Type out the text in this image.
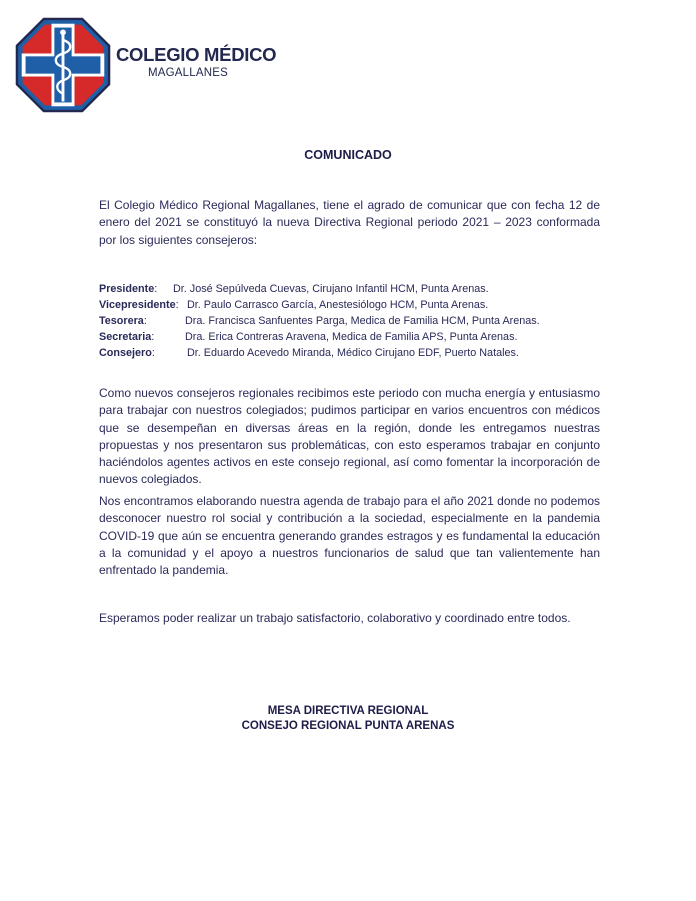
COLEGIO MÉDICO
MAGALLANES
COMUNICADO
El Colegio Médico Regional Magallanes, tiene el agrado de comunicar que con fecha 12 de enero del 2021 se constituyó la nueva Directiva Regional periodo 2021 – 2023 conformada por los siguientes consejeros:
Presidente: Dr. José Sepúlveda Cuevas, Cirujano Infantil HCM, Punta Arenas.
Vicepresidente: Dr. Paulo Carrasco García, Anestesiólogo HCM, Punta Arenas.
Tesorera:	Dra. Francisca Sanfuentes Parga, Medica de Familia HCM, Punta Arenas.
Secretaria:	Dra. Erica Contreras Aravena, Medica de Familia APS, Punta Arenas.
Consejero:	Dr. Eduardo Acevedo Miranda, Médico Cirujano EDF, Puerto Natales.
Como nuevos consejeros regionales recibimos este periodo con mucha energía y entusiasmo para trabajar con nuestros colegiados; pudimos participar en varios encuentros con médicos que se desempeñan en diversas áreas en la región, donde les entregamos nuestras propuestas y nos presentaron sus problemáticas, con esto esperamos trabajar en conjunto haciéndolos agentes activos en este consejo regional, así como fomentar la incorporación de nuevos colegiados.
Nos encontramos elaborando nuestra agenda de trabajo para el año 2021 donde no podemos desconocer nuestro rol social y contribución a la sociedad, especialmente en la pandemia COVID-19 que aún se encuentra generando grandes estragos y es fundamental la educación a la comunidad y el apoyo a nuestros funcionarios de salud que tan valientemente han enfrentado la pandemia.
Esperamos poder realizar un trabajo satisfactorio, colaborativo y coordinado entre todos.
MESA DIRECTIVA REGIONAL
CONSEJO REGIONAL PUNTA ARENAS
